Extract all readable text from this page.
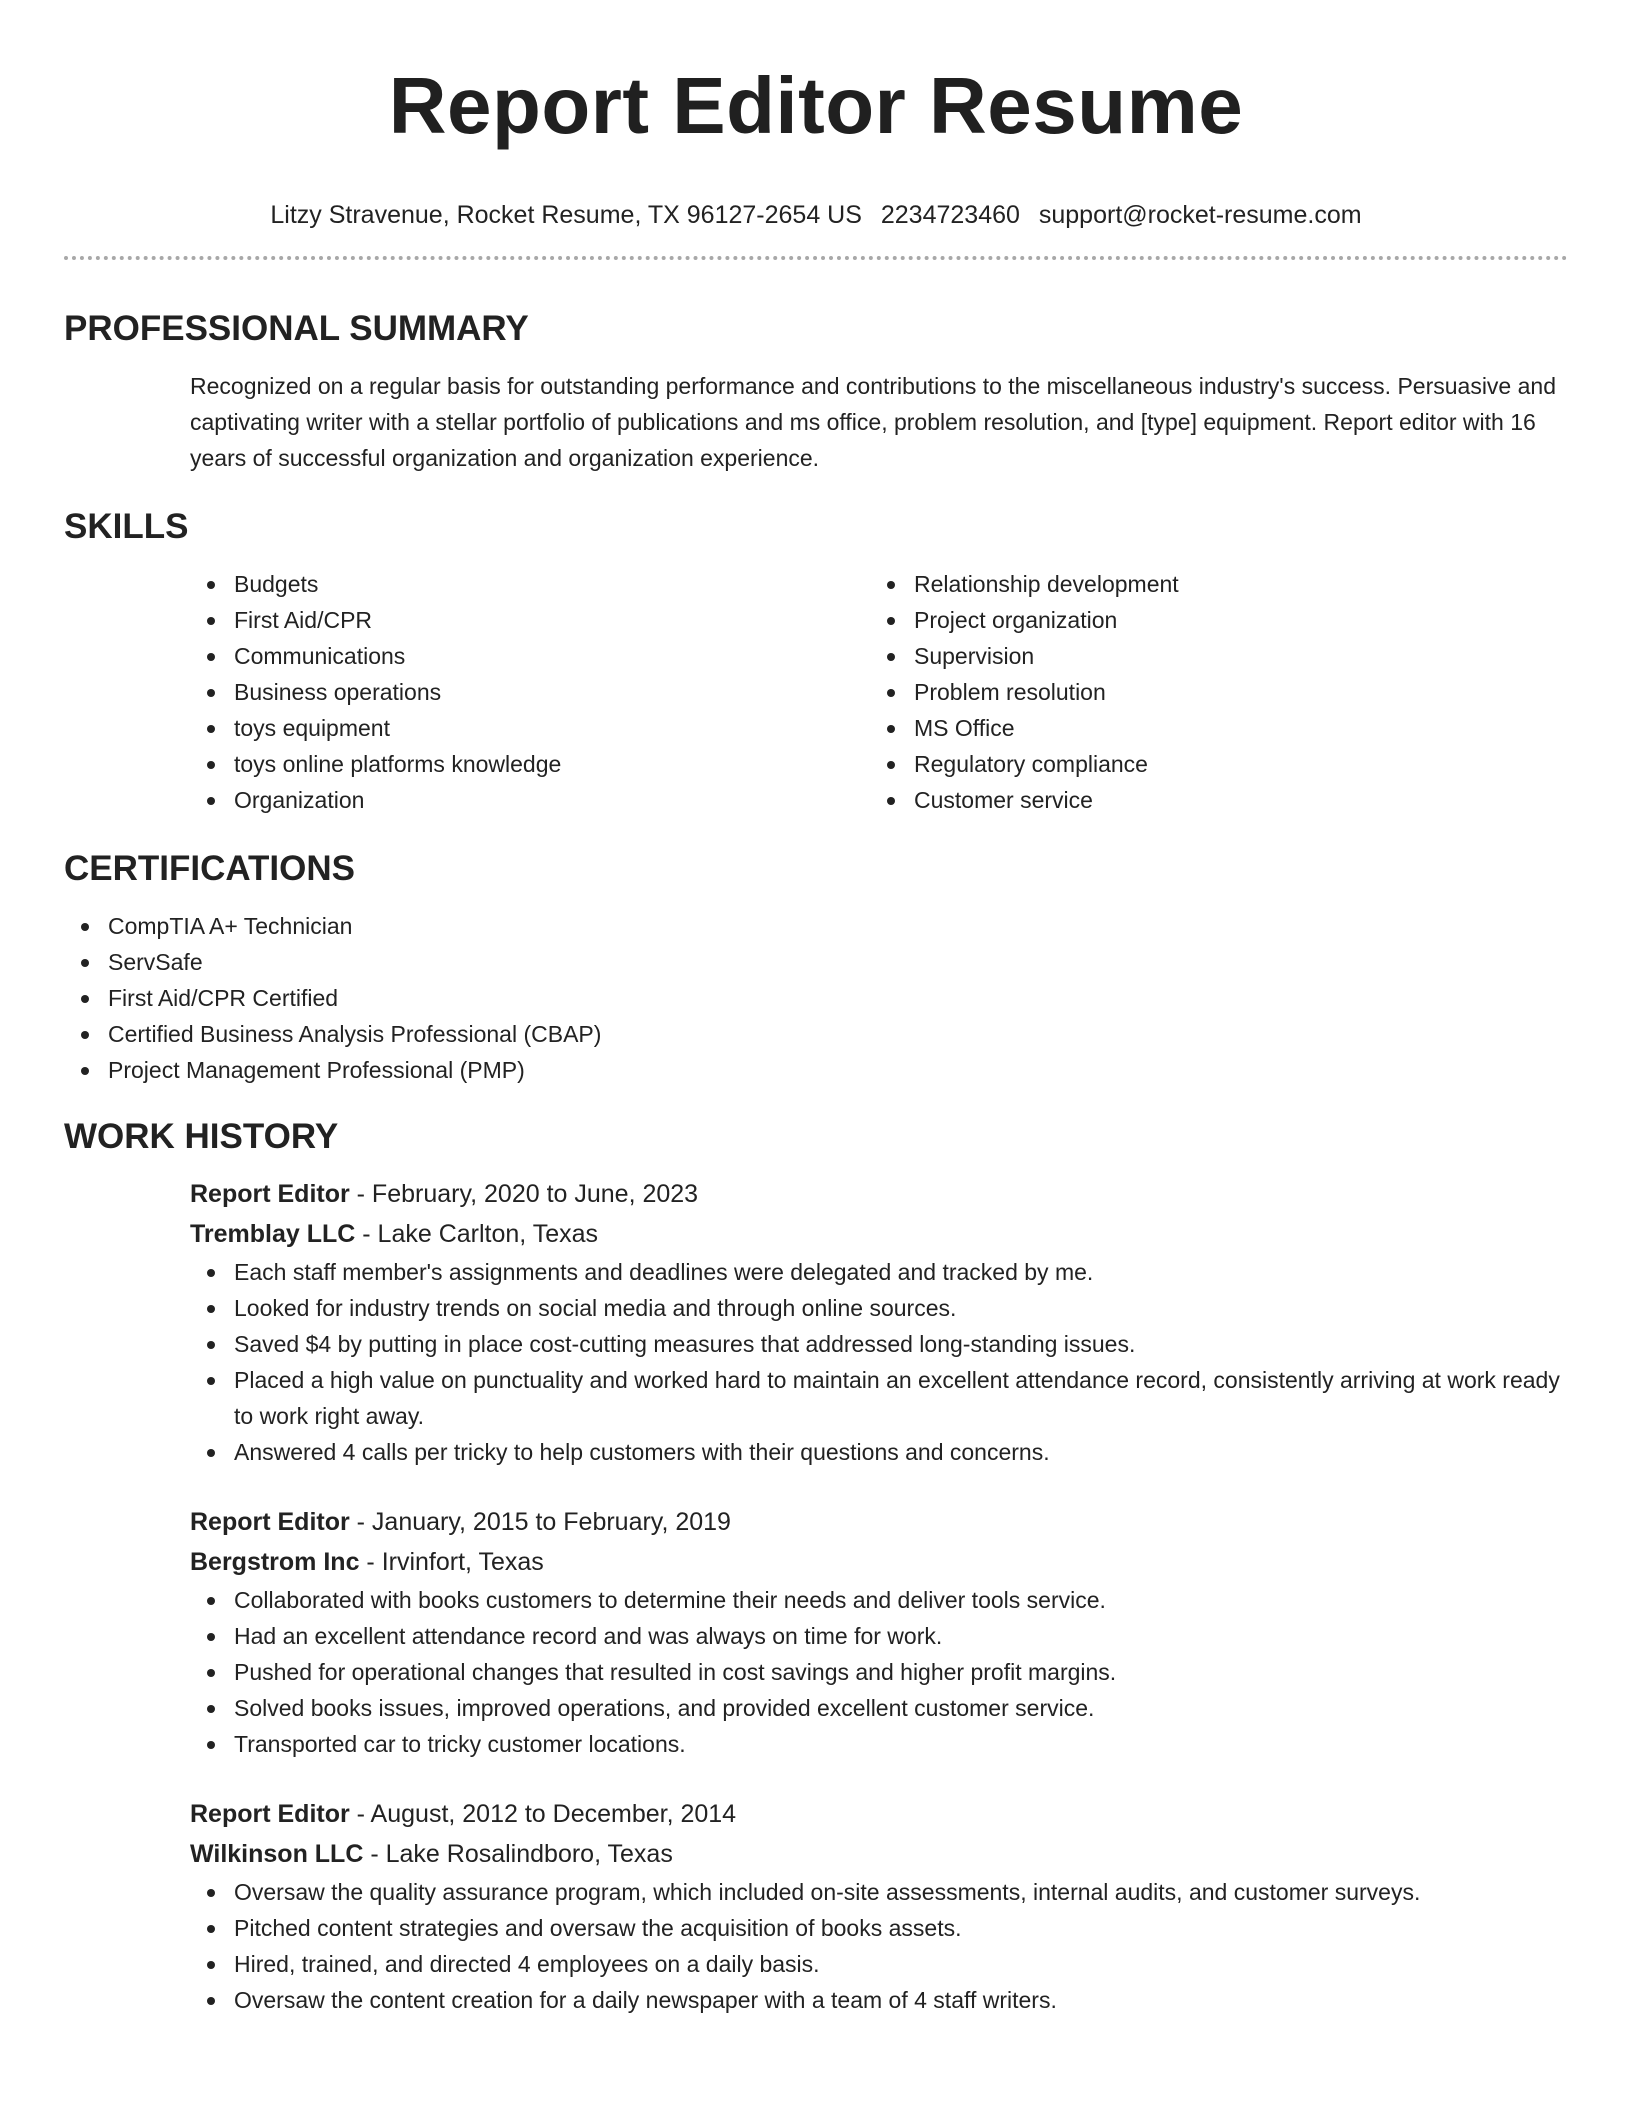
Report Editor Resume
Litzy Stravenue, Rocket Resume, TX 96127-2654 US 2234723460 support@rocket-resume.com
PROFESSIONAL SUMMARY

Recognized on a regular basis for outstanding performance and contributions to the miscellaneous industry's success. Persuasive and captivating writer with a stellar portfolio of publications and ms office, problem resolution, and [type] equipment. Report editor with 16 years of successful organization and organization experience.

SKILLS
Budgets
First Aid/CPR
Communications
Business operations
toys equipment
toys online platforms knowledge
Organization
Relationship development
Project organization
Supervision
Problem resolution
MS Office
Regulatory compliance
Customer service
CERTIFICATIONS
CompTIA A+ Technician
ServSafe
First Aid/CPR Certified
Certified Business Analysis Professional (CBAP)
Project Management Professional (PMP)
WORK HISTORY
Report Editor - February, 2020 to June, 2023
Tremblay LLC - Lake Carlton, Texas
Each staff member's assignments and deadlines were delegated and tracked by me.
Looked for industry trends on social media and through online sources.
Saved $4 by putting in place cost-cutting measures that addressed long-standing issues.
Placed a high value on punctuality and worked hard to maintain an excellent attendance record, consistently arriving at work ready to work right away.
Answered 4 calls per tricky to help customers with their questions and concerns.
Report Editor - January, 2015 to February, 2019
Bergstrom Inc - Irvinfort, Texas
Collaborated with books customers to determine their needs and deliver tools service.
Had an excellent attendance record and was always on time for work.
Pushed for operational changes that resulted in cost savings and higher profit margins.
Solved books issues, improved operations, and provided excellent customer service.
Transported car to tricky customer locations.
Report Editor - August, 2012 to December, 2014
Wilkinson LLC - Lake Rosalindboro, Texas
Oversaw the quality assurance program, which included on-site assessments, internal audits, and customer surveys.
Pitched content strategies and oversaw the acquisition of books assets.
Hired, trained, and directed 4 employees on a daily basis.
Oversaw the content creation for a daily newspaper with a team of 4 staff writers.
